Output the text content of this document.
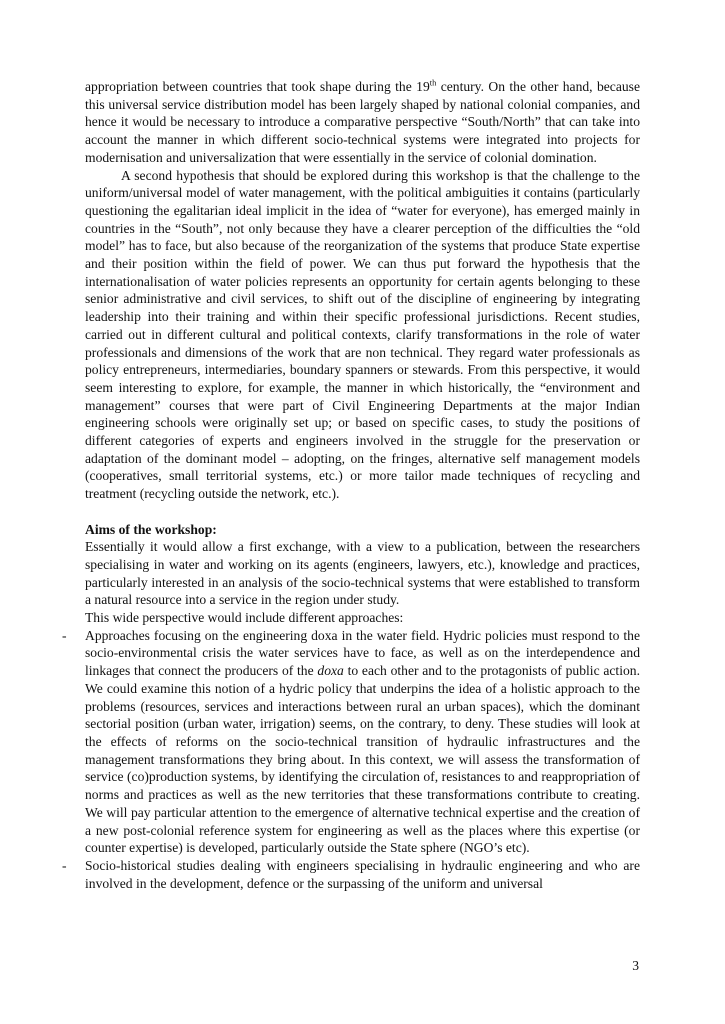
appropriation between countries that took shape during the 19th century. On the other hand, because this universal service distribution model has been largely shaped by national colonial companies, and hence it would be necessary to introduce a comparative perspective “South/North” that can take into account the manner in which different socio-technical systems were integrated into projects for modernisation and universalization that were essentially in the service of colonial domination.

A second hypothesis that should be explored during this workshop is that the challenge to the uniform/universal model of water management, with the political ambiguities it contains (particularly questioning the egalitarian ideal implicit in the idea of “water for everyone), has emerged mainly in countries in the “South”, not only because they have a clearer perception of the difficulties the “old model” has to face, but also because of the reorganization of the systems that produce State expertise and their position within the field of power. We can thus put forward the hypothesis that the internationalisation of water policies represents an opportunity for certain agents belonging to these senior administrative and civil services, to shift out of the discipline of engineering by integrating leadership into their training and within their specific professional jurisdictions. Recent studies, carried out in different cultural and political contexts, clarify transformations in the role of water professionals and dimensions of the work that are non technical. They regard water professionals as policy entrepreneurs, intermediaries, boundary spanners or stewards. From this perspective, it would seem interesting to explore, for example, the manner in which historically, the “environment and management” courses that were part of Civil Engineering Departments at the major Indian engineering schools were originally set up; or based on specific cases, to study the positions of different categories of experts and engineers involved in the struggle for the preservation or adaptation of the dominant model – adopting, on the fringes, alternative self management models (cooperatives, small territorial systems, etc.) or more tailor made techniques of recycling and treatment (recycling outside the network, etc.).

Aims of the workshop:

Essentially it would allow a first exchange, with a view to a publication, between the researchers specialising in water and working on its agents (engineers, lawyers, etc.), knowledge and practices, particularly interested in an analysis of the socio-technical systems that were established to transform a natural resource into a service in the region under study.

This wide perspective would include different approaches:

-	Approaches focusing on the engineering doxa in the water field. Hydric policies must respond to the socio-environmental crisis the water services have to face, as well as on the interdependence and linkages that connect the producers of the doxa to each other and to the protagonists of public action. We could examine this notion of a hydric policy that underpins the idea of a holistic approach to the problems (resources, services and interactions between rural an urban spaces), which the dominant sectorial position (urban water, irrigation) seems, on the contrary, to deny. These studies will look at the effects of reforms on the socio-technical transition of hydraulic infrastructures and the management transformations they bring about. In this context, we will assess the transformation of service (co)production systems, by identifying the circulation of, resistances to and reappropriation of norms and practices as well as the new territories that these transformations contribute to creating. We will pay particular attention to the emergence of alternative technical expertise and the creation of a new post-colonial reference system for engineering as well as the places where this expertise (or counter expertise) is developed, particularly outside the State sphere (NGO’s etc).
-	Socio-historical studies dealing with engineers specialising in hydraulic engineering and who are involved in the development, defence or the surpassing of the uniform and universal
3
